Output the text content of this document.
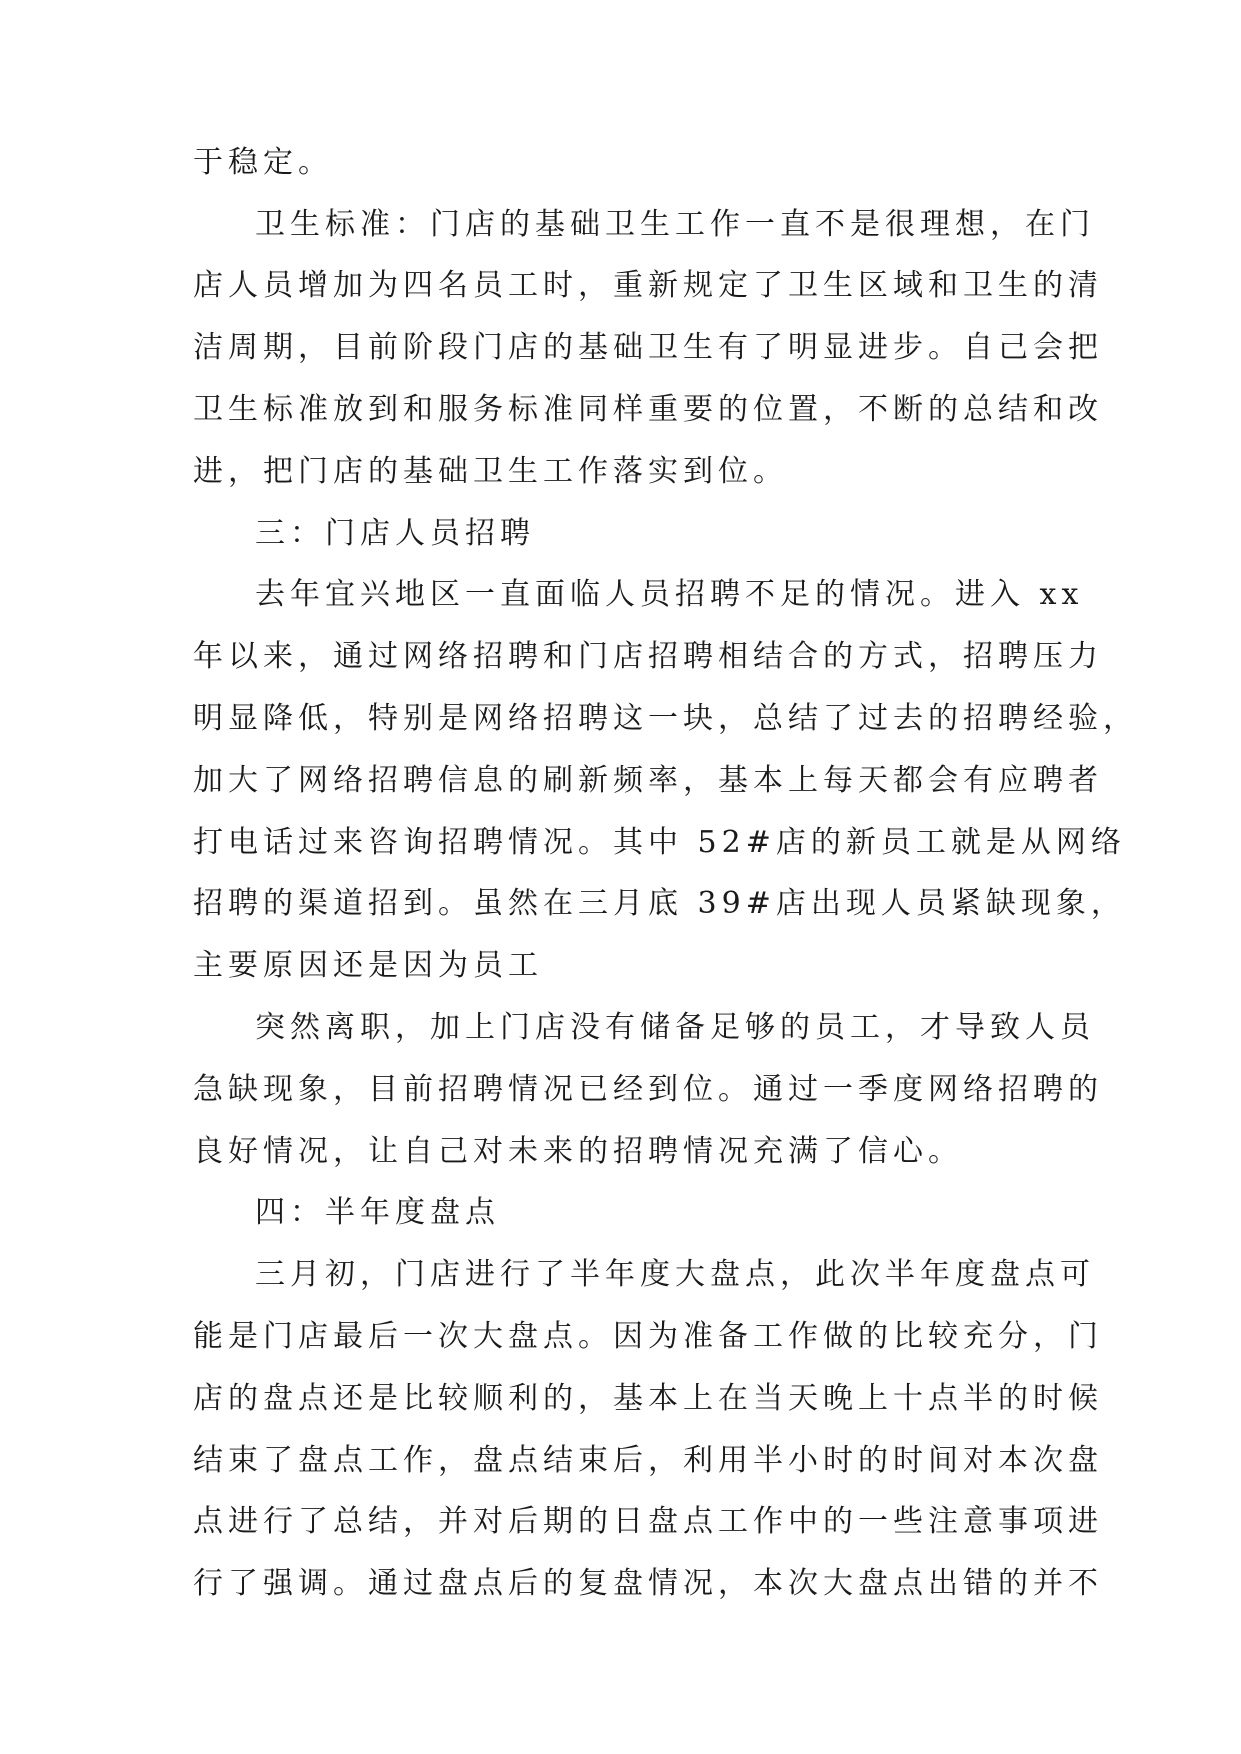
于稳定。
卫生标准：门店的基础卫生工作一直不是很理想，在门
店人员增加为四名员工时，重新规定了卫生区域和卫生的清
洁周期，目前阶段门店的基础卫生有了明显进步。自己会把
卫生标准放到和服务标准同样重要的位置，不断的总结和改
进，把门店的基础卫生工作落实到位。
三：门店人员招聘
去年宜兴地区一直面临人员招聘不足的情况。进入 xx
年以来，通过网络招聘和门店招聘相结合的方式，招聘压力
明显降低，特别是网络招聘这一块，总结了过去的招聘经验，
加大了网络招聘信息的刷新频率，基本上每天都会有应聘者
打电话过来咨询招聘情况。其中 52#店的新员工就是从网络
招聘的渠道招到。虽然在三月底 39#店出现人员紧缺现象，
主要原因还是因为员工
突然离职，加上门店没有储备足够的员工，才导致人员
急缺现象，目前招聘情况已经到位。通过一季度网络招聘的
良好情况，让自己对未来的招聘情况充满了信心。
四：半年度盘点
三月初，门店进行了半年度大盘点，此次半年度盘点可
能是门店最后一次大盘点。因为准备工作做的比较充分，门
店的盘点还是比较顺利的，基本上在当天晚上十点半的时候
结束了盘点工作，盘点结束后，利用半小时的时间对本次盘
点进行了总结，并对后期的日盘点工作中的一些注意事项进
行了强调。通过盘点后的复盘情况，本次大盘点出错的并不
